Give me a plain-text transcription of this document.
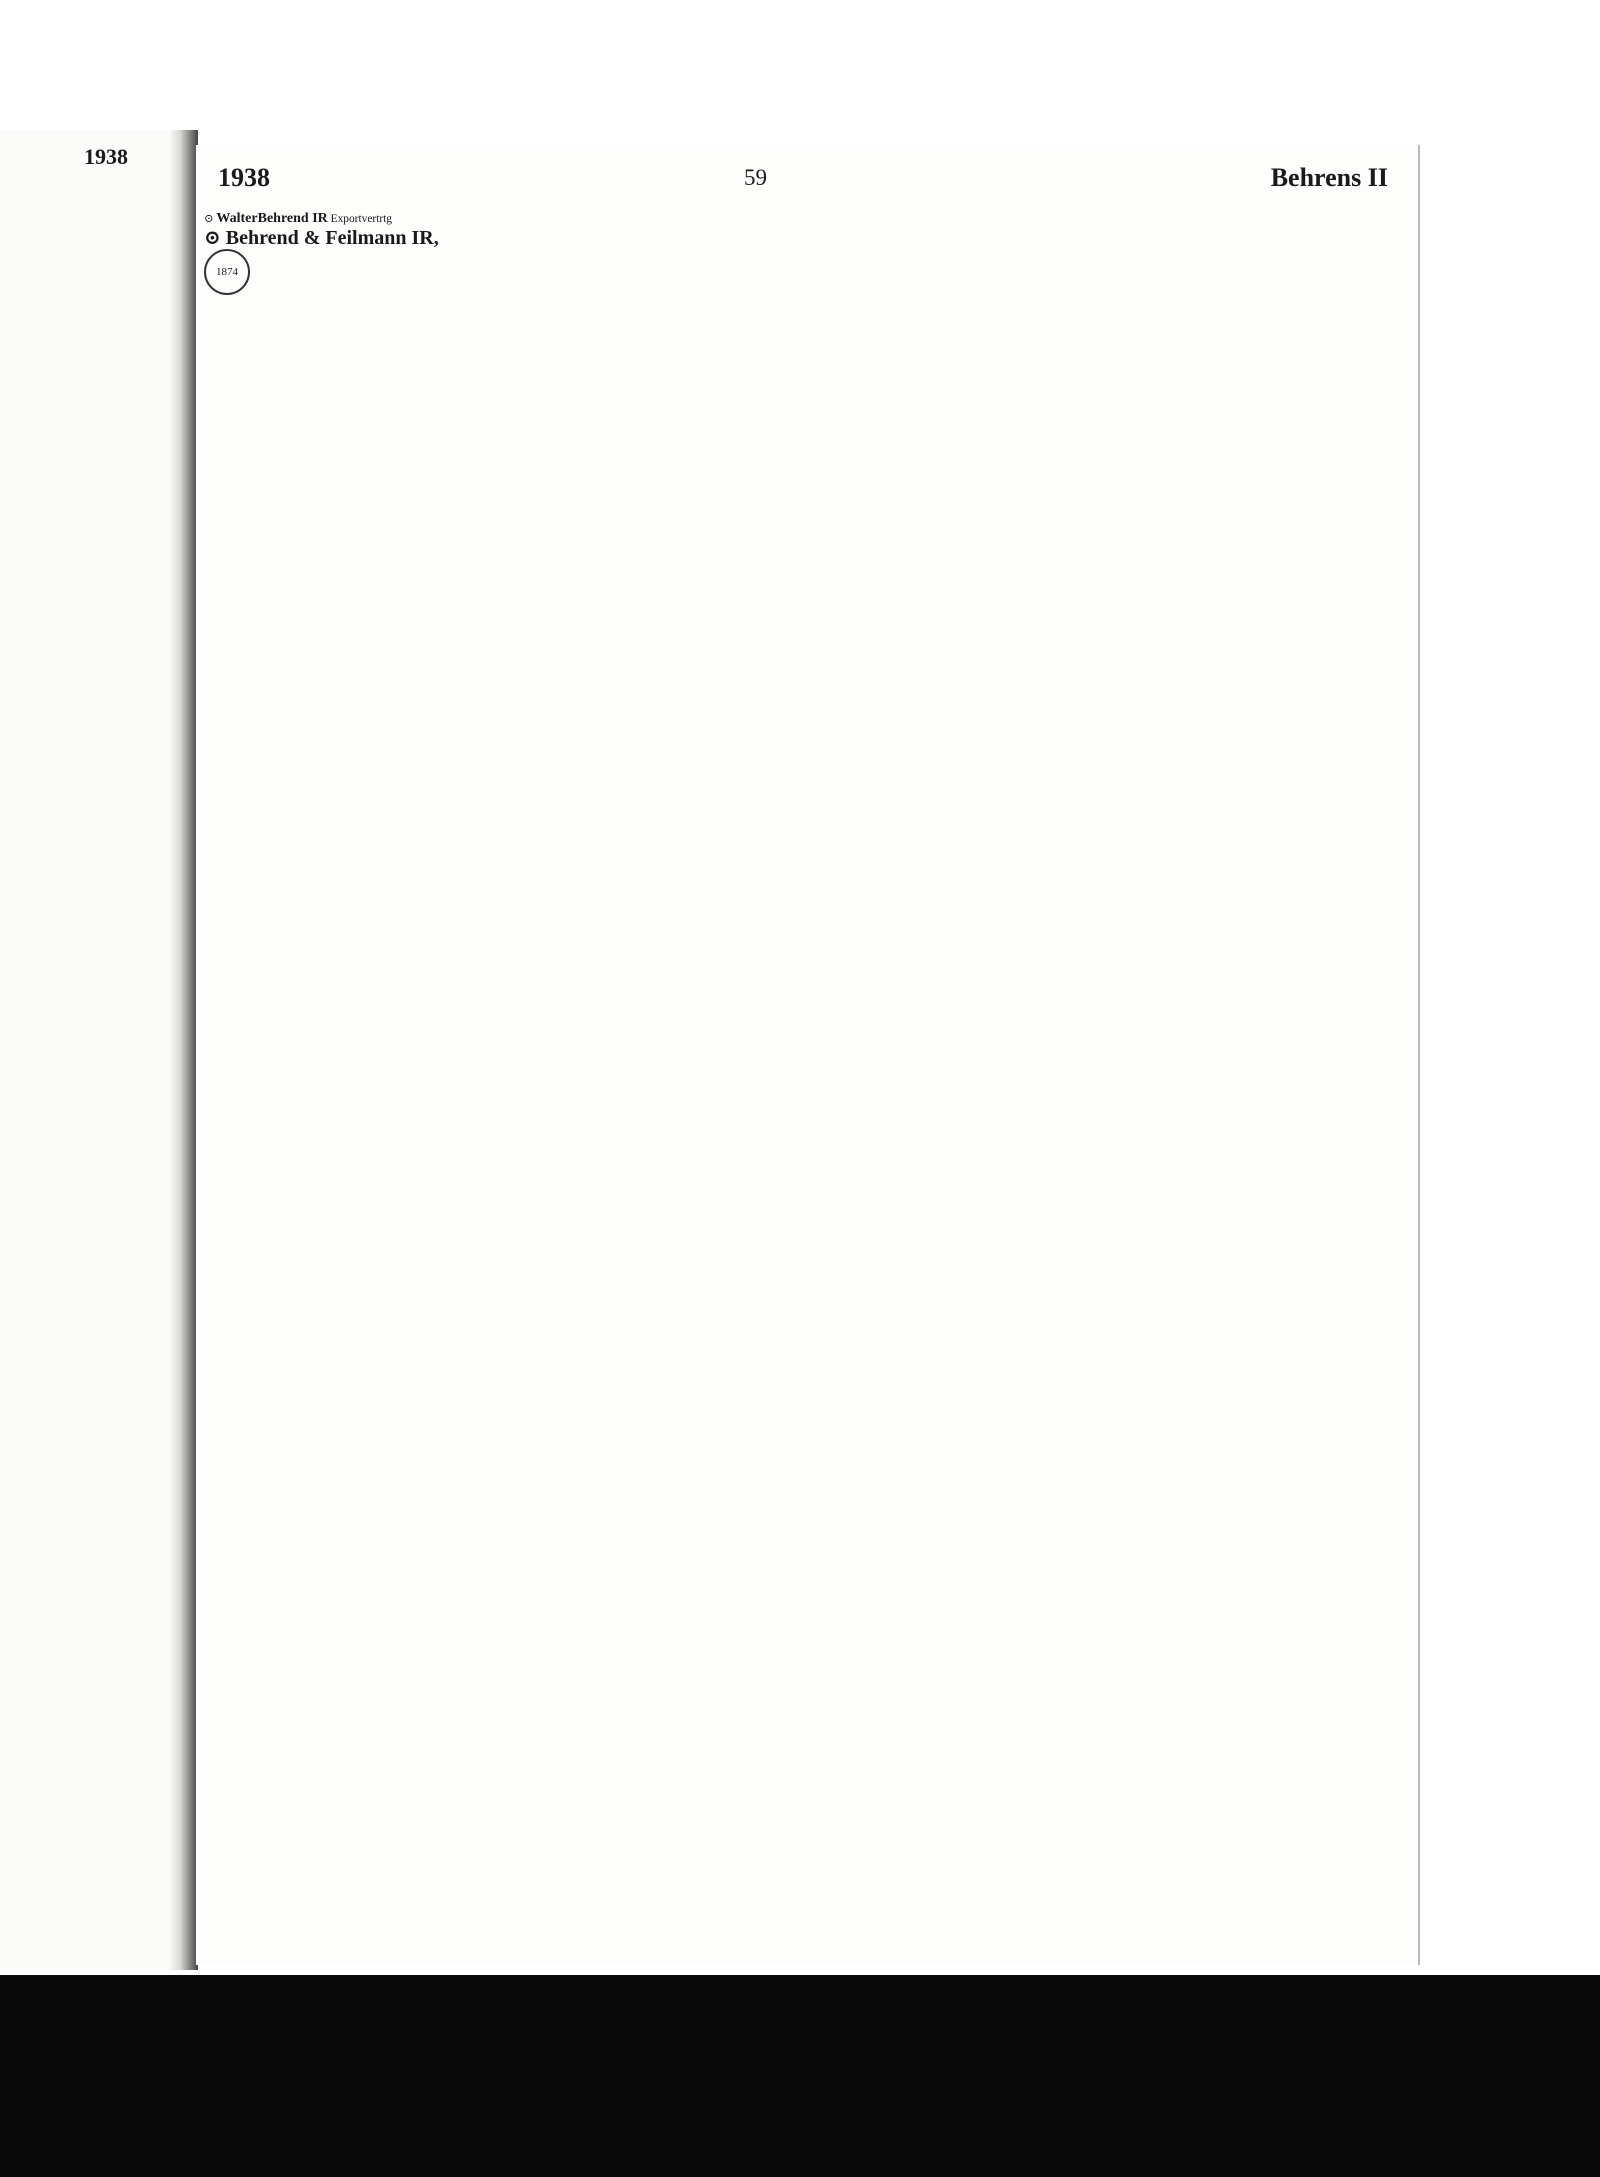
1938
1938	59	Behrens II
⊙ WalterBehrend IR Exportvertrtg
⊙ Behrend & Feilmann IR,
1874
